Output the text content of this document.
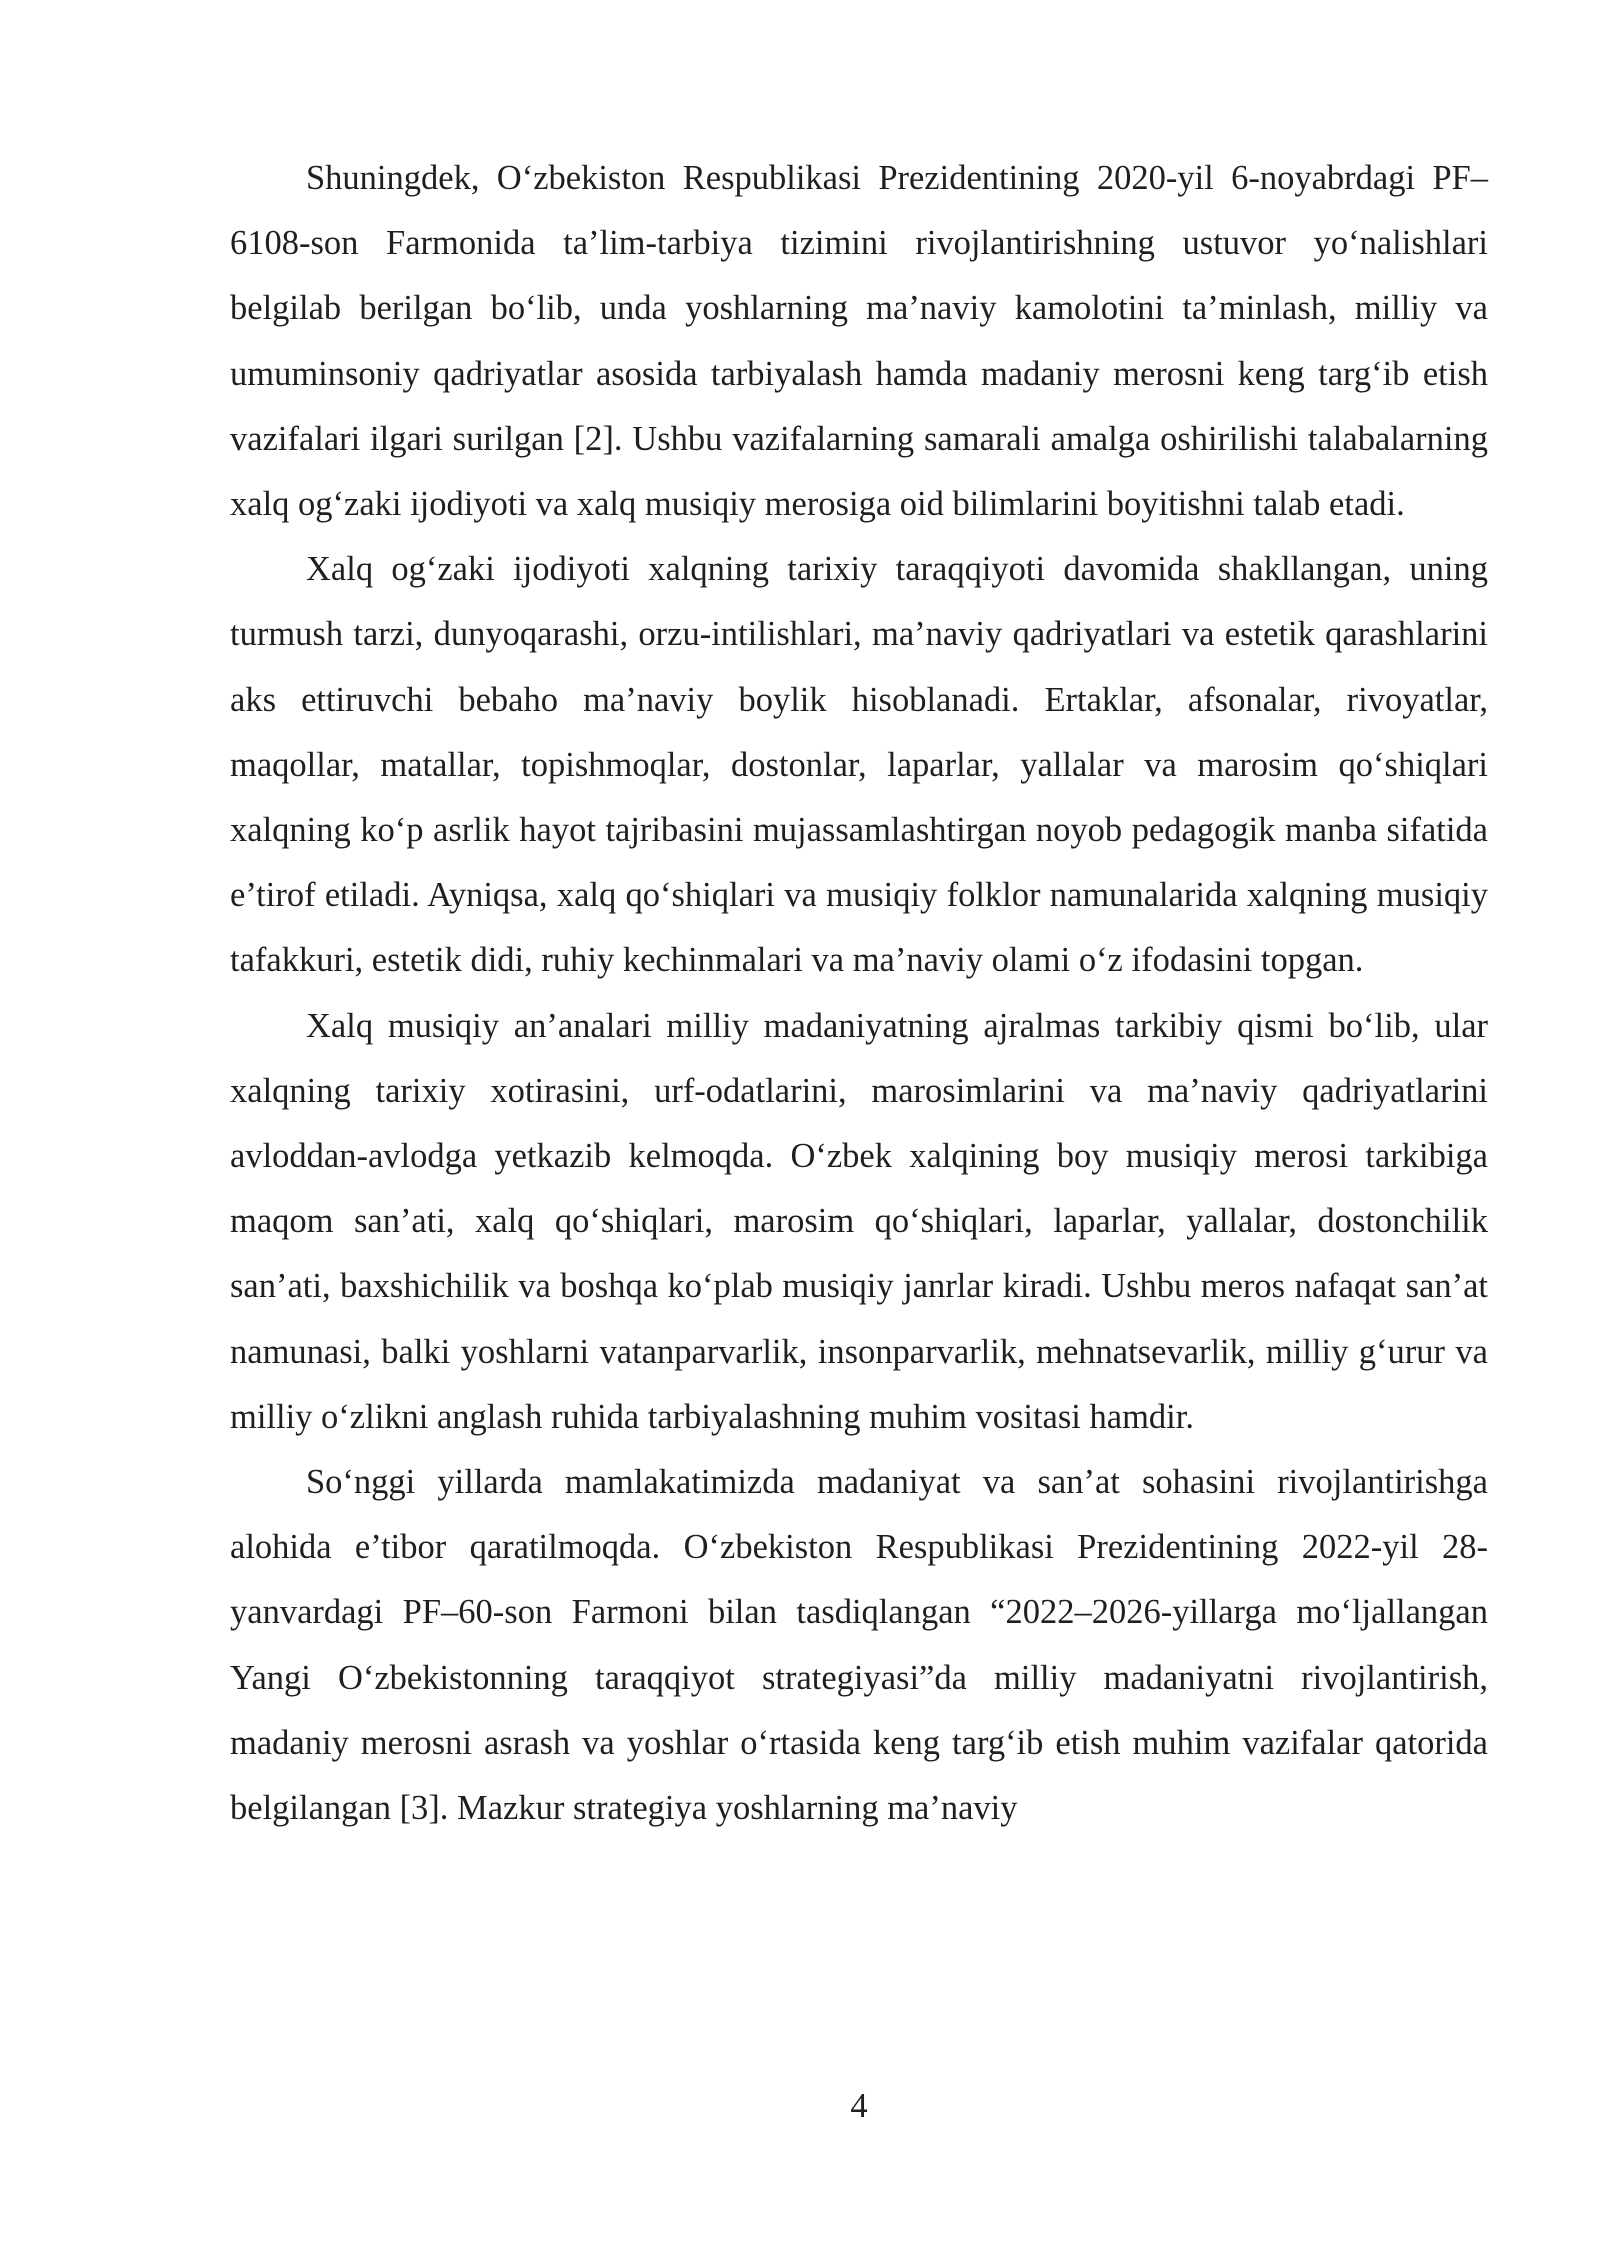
Shuningdek, O‘zbekiston Respublikasi Prezidentining 2020-yil 6-noyabrdagi PF–6108-son Farmonida ta’lim-tarbiya tizimini rivojlantirishning ustuvor yo‘nalishlari belgilab berilgan bo‘lib, unda yoshlarning ma’naviy kamolotini ta’minlash, milliy va umuminsoniy qadriyatlar asosida tarbiyalash hamda madaniy merosni keng targ‘ib etish vazifalari ilgari surilgan [2]. Ushbu vazifalarning samarali amalga oshirilishi talabalarning xalq og‘zaki ijodiyoti va xalq musiqiy merosiga oid bilimlarini boyitishni talab etadi.

Xalq og‘zaki ijodiyoti xalqning tarixiy taraqqiyoti davomida shakllangan, uning turmush tarzi, dunyoqarashi, orzu-intilishlari, ma’naviy qadriyatlari va estetik qarashlarini aks ettiruvchi bebaho ma’naviy boylik hisoblanadi. Ertaklar, afsonalar, rivoyatlar, maqollar, matallar, topishmoqlar, dostonlar, laparlar, yallalar va marosim qo‘shiqlari xalqning ko‘p asrlik hayot tajribasini mujassamlashtirgan noyob pedagogik manba sifatida e’tirof etiladi. Ayniqsa, xalq qo‘shiqlari va musiqiy folklor namunalarida xalqning musiqiy tafakkuri, estetik didi, ruhiy kechinmalari va ma’naviy olami o‘z ifodasini topgan.

Xalq musiqiy an’analari milliy madaniyatning ajralmas tarkibiy qismi bo‘lib, ular xalqning tarixiy xotirasini, urf-odatlarini, marosimlarini va ma’naviy qadriyatlarini avloddan-avlodga yetkazib kelmoqda. O‘zbek xalqining boy musiqiy merosi tarkibiga maqom san’ati, xalq qo‘shiqlari, marosim qo‘shiqlari, laparlar, yallalar, dostonchilik san’ati, baxshichilik va boshqa ko‘plab musiqiy janrlar kiradi. Ushbu meros nafaqat san’at namunasi, balki yoshlarni vatanparvarlik, insonparvarlik, mehnatsevarlik, milliy g‘urur va milliy o‘zlikni anglash ruhida tarbiyalashning muhim vositasi hamdir.

So‘nggi yillarda mamlakatimizda madaniyat va san’at sohasini rivojlantirishga alohida e’tibor qaratilmoqda. O‘zbekiston Respublikasi Prezidentining 2022-yil 28-yanvardagi PF–60-son Farmoni bilan tasdiqlangan “2022–2026-yillarga mo‘ljallangan Yangi O‘zbekistonning taraqqiyot strategiyasi”da milliy madaniyatni rivojlantirish, madaniy merosni asrash va yoshlar o‘rtasida keng targ‘ib etish muhim vazifalar qatorida belgilangan [3]. Mazkur strategiya yoshlarning ma’naviy

4
